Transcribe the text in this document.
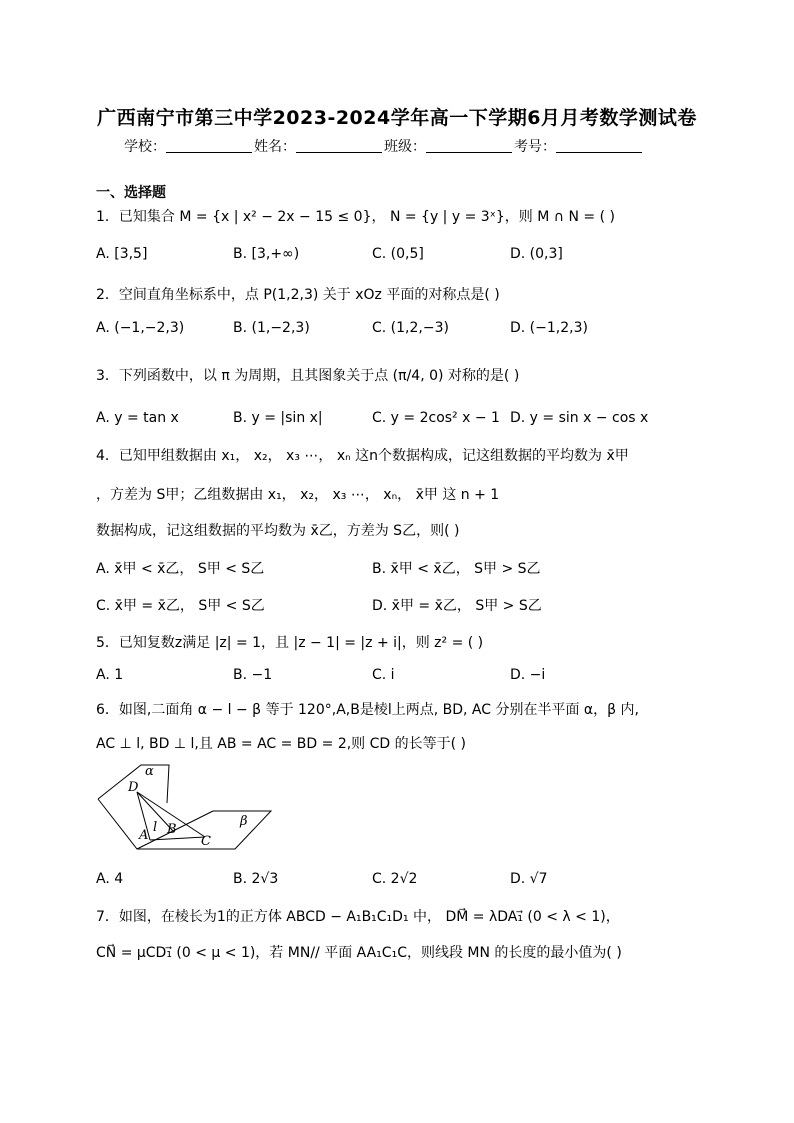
广西南宁市第三中学2023-2024学年高一下学期6月月考数学测试卷
学校：	姓名：	班级：	考号：
一、选择题
1．已知集合 M = {x | x² − 2x − 15 ≤ 0}， N = {y | y = 3ˣ}，则 M ∩ N = ( )
A. [3,5]	B. [3,+∞)	C. (0,5]	D. (0,3]
2．空间直角坐标系中，点 P(1,2,3) 关于 xOz 平面的对称点是( )
A. (−1,−2,3)	B. (1,−2,3)	C. (1,2,−3)	D. (−1,2,3)
3．下列函数中，以 π 为周期，且其图象关于点 (π/4, 0) 对称的是( )
A. y = tan x	B. y = |sin x|	C. y = 2cos² x − 1 D. y = sin x − cos x
4．已知甲组数据由 x₁， x₂， x₃ ⋯， xₙ 这n个数据构成，记这组数据的平均数为 x̄甲
，方差为 S甲；乙组数据由 x₁， x₂， x₃ ⋯， xₙ， x̄甲 这 n + 1
数据构成，记这组数据的平均数为 x̄乙，方差为 S乙，则( )
A. x̄甲 < x̄乙， S甲 < S乙	B. x̄甲 < x̄乙， S甲 > S乙
C. x̄甲 = x̄乙， S甲 < S乙	D. x̄甲 = x̄乙， S甲 > S乙
5．已知复数z满足 |z| = 1，且 |z − 1| = |z + i|，则 z² = ( )
A. 1	B. −1	C. i	D. −i
6．如图,二面角 α − l − β 等于 120°,A,B是棱l上两点, BD, AC 分别在半平面 α，β 内,
AC ⊥ l, BD ⊥ l,且 AB = AC = BD = 2,则 CD 的长等于( )
α
D
A
l B
C
β
A. 4	B. 2√3	C. 2√2	D. √7
7．如图，在棱长为1的正方体 ABCD − A₁B₁C₁D₁ 中， DM⃗ = λDA₁⃗ (0 < λ < 1)，
CN⃗ = μCD₁⃗ (0 < μ < 1)，若 MN// 平面 AA₁C₁C，则线段 MN 的长度的最小值为( )
